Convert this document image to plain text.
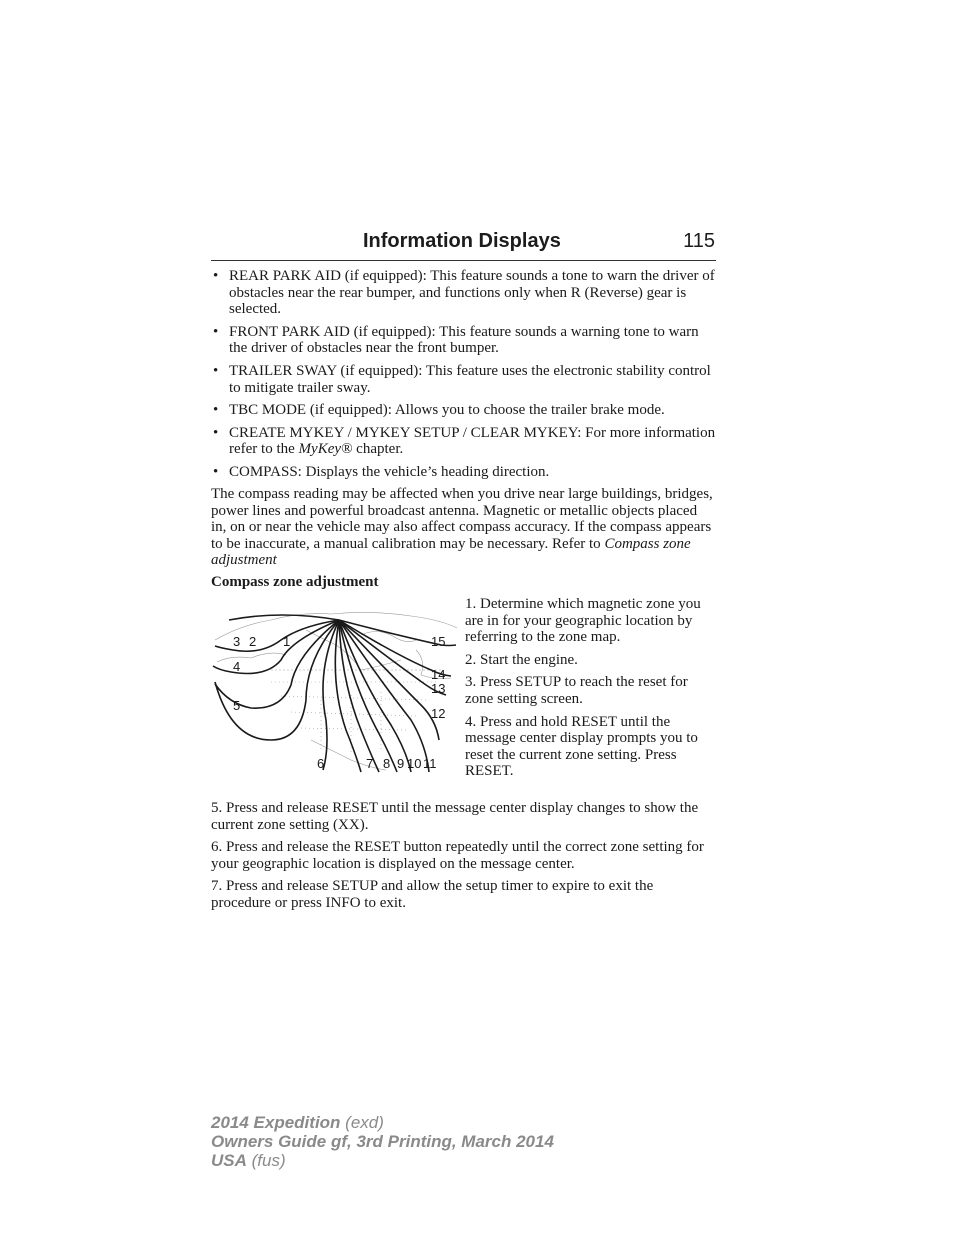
Information Displays	115
• REAR PARK AID (if equipped): This feature sounds a tone to warn the driver of obstacles near the rear bumper, and functions only when R (Reverse) gear is selected.
• FRONT PARK AID (if equipped): This feature sounds a warning tone to warn the driver of obstacles near the front bumper.
• TRAILER SWAY (if equipped): This feature uses the electronic stability control to mitigate trailer sway.
• TBC MODE (if equipped): Allows you to choose the trailer brake mode.
• CREATE MYKEY / MYKEY SETUP / CLEAR MYKEY: For more information refer to the MyKey® chapter.
• COMPASS: Displays the vehicle’s heading direction.

The compass reading may be affected when you drive near large buildings, bridges, power lines and powerful broadcast antenna. Magnetic or metallic objects placed in, on or near the vehicle may also affect compass accuracy. If the compass appears to be inaccurate, a manual calibration may be necessary. Refer to Compass zone adjustment

Compass zone adjustment

1
2
3
4
5
6	7 8 9 10 11
12
13
14
15

1. Determine which magnetic zone you are in for your geographic location by referring to the zone map.

2. Start the engine.

3. Press SETUP to reach the reset for zone setting screen.

4. Press and hold RESET until the message center display prompts you to reset the current zone setting. Press RESET.

5. Press and release RESET until the message center display changes to show the current zone setting (XX).

6. Press and release the RESET button repeatedly until the correct zone setting for your geographic location is displayed on the message center.

7. Press and release SETUP and allow the setup timer to expire to exit the procedure or press INFO to exit.

2014 Expedition (exd)
Owners Guide gf, 3rd Printing, March 2014
USA (fus)
